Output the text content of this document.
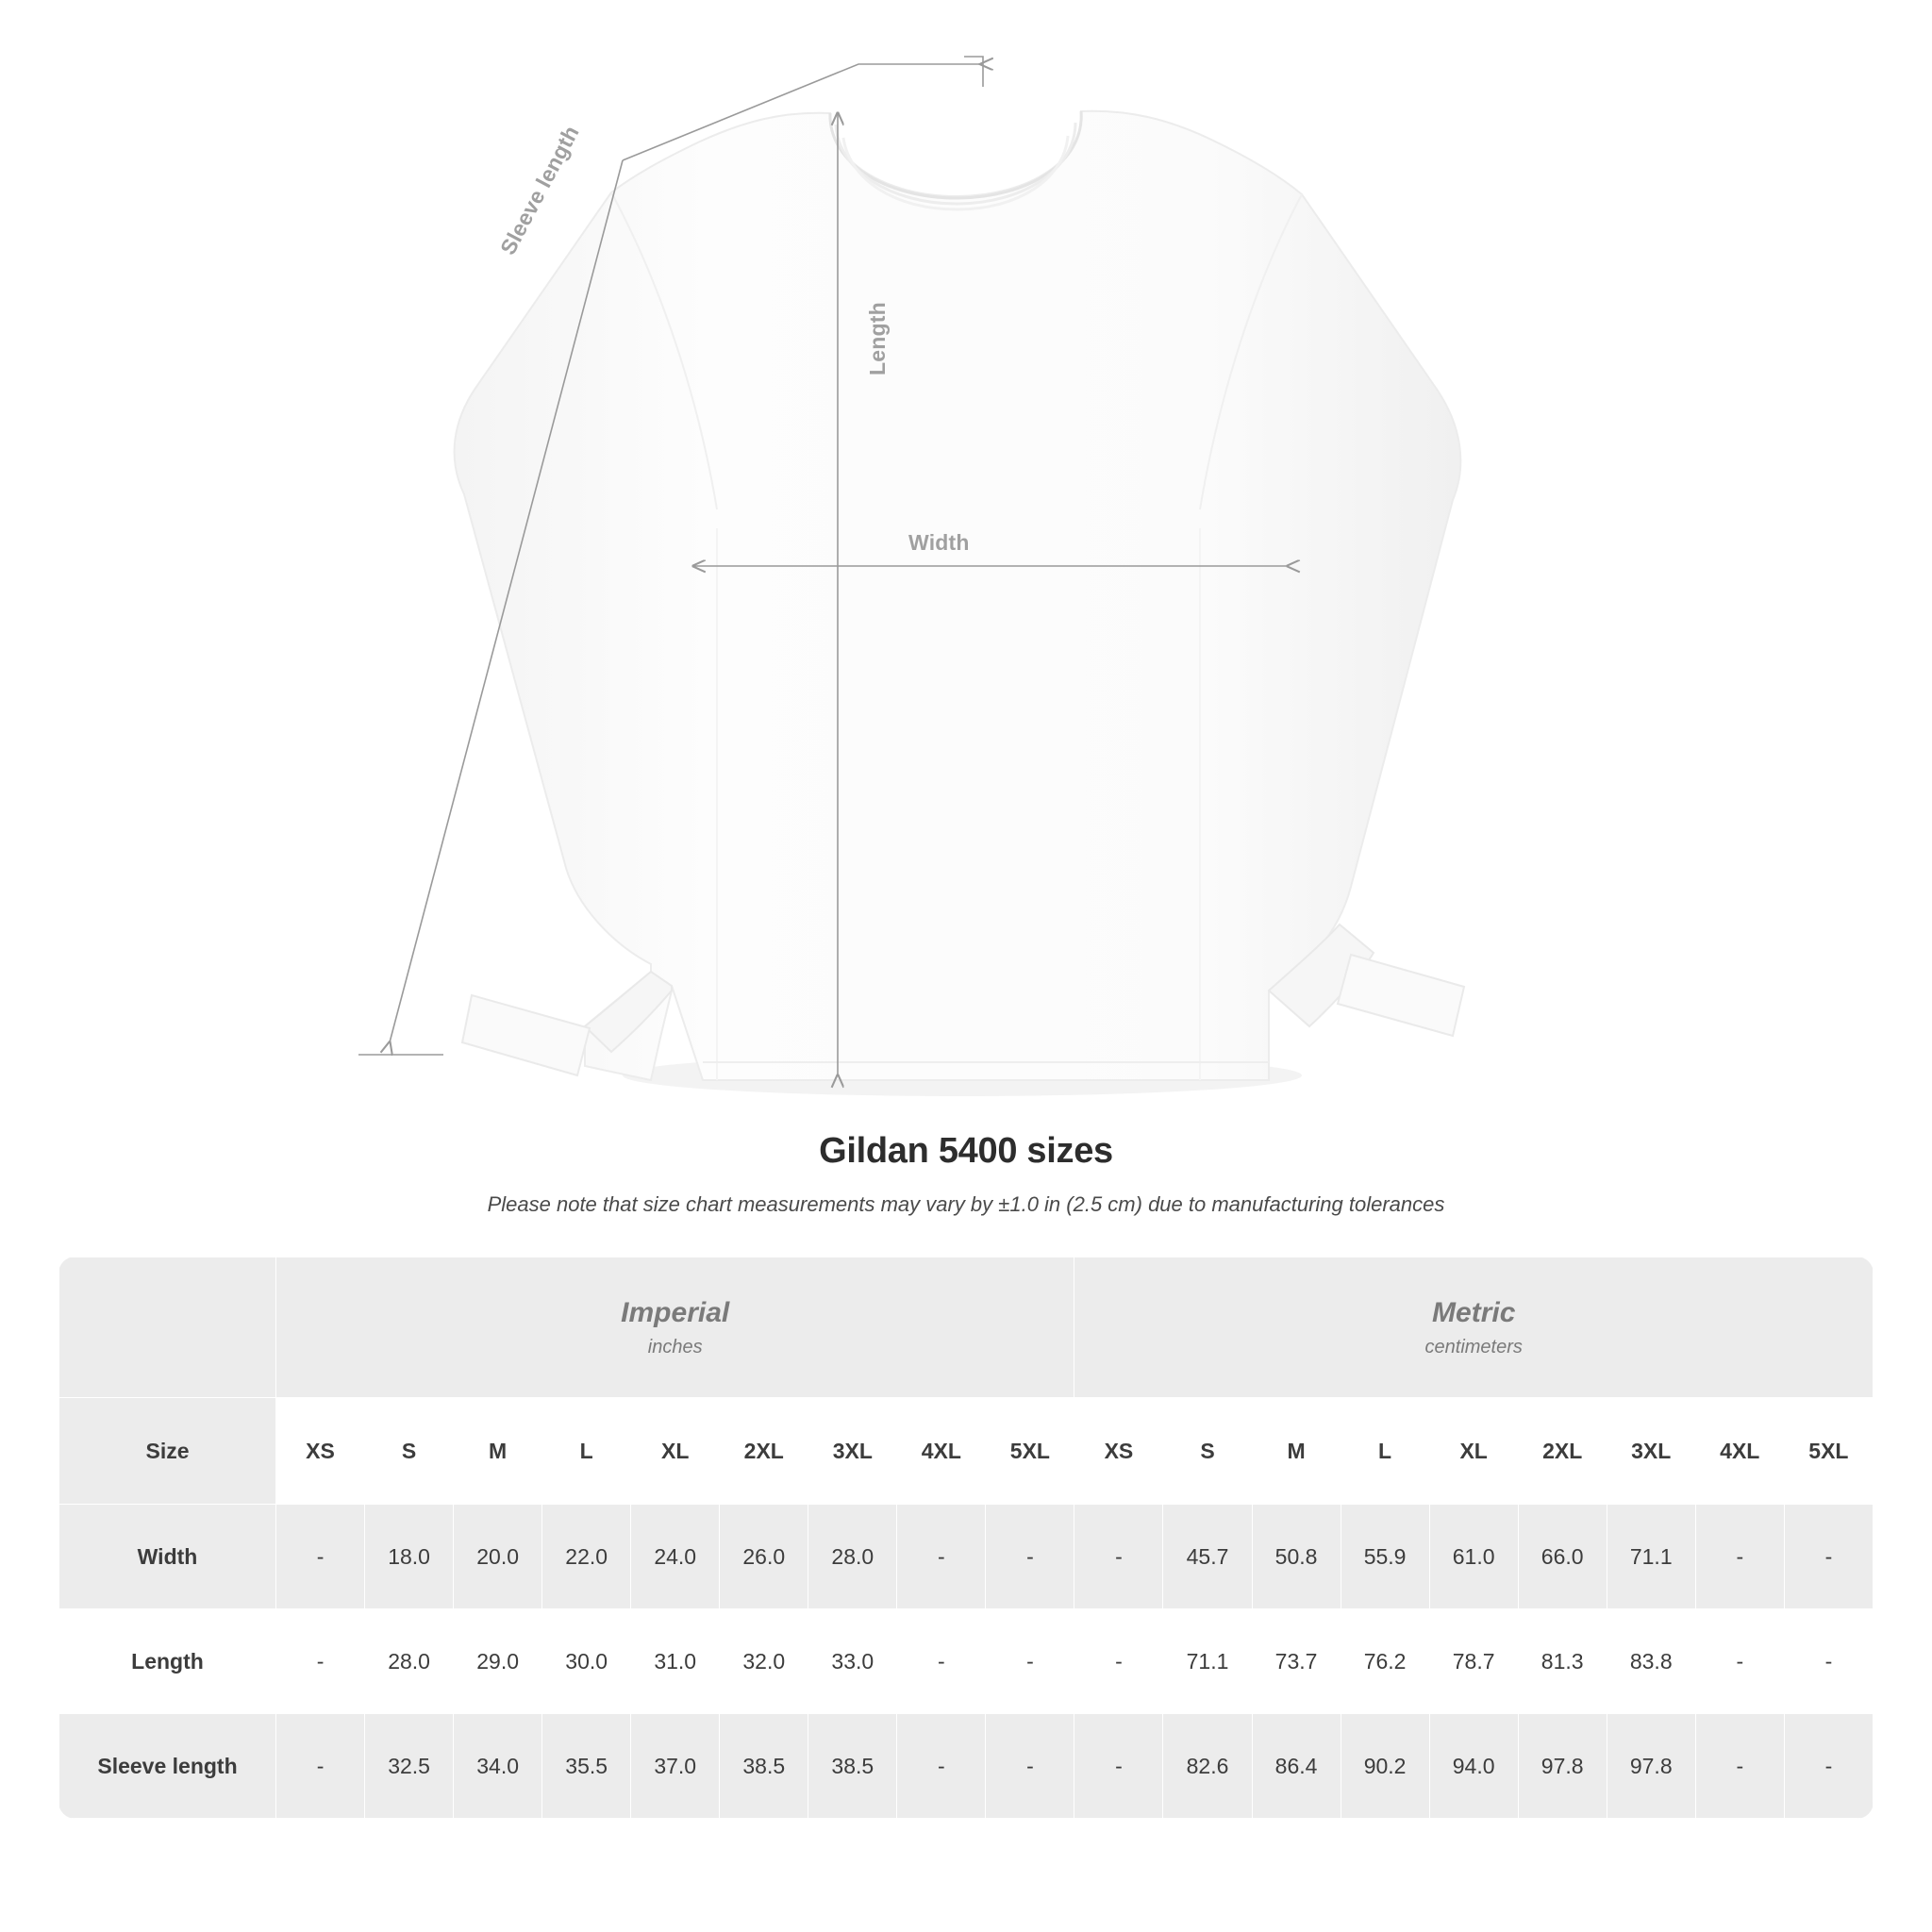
Sleeve length
Length
Width
Gildan 5400 sizes

Please note that size chart measurements may vary by ±1.0 in (2.5 cm) due to manufacturing tolerances

Imperial
inches

Metric
centimeters

Size	XS	S	M	L	XL	2XL	3XL	4XL	5XL	XS	S	M	L	XL	2XL	3XL	4XL	5XL
Width	-	18.0	20.0	22.0	24.0	26.0	28.0	-	-	-	45.7	50.8	55.9	61.0	66.0	71.1	-	-
Length	-	28.0	29.0	30.0	31.0	32.0	33.0	-	-	-	71.1	73.7	76.2	78.7	81.3	83.8	-	-
Sleeve length	-	32.5	34.0	35.5	37.0	38.5	38.5	-	-	-	82.6	86.4	90.2	94.0	97.8	97.8	-	-
